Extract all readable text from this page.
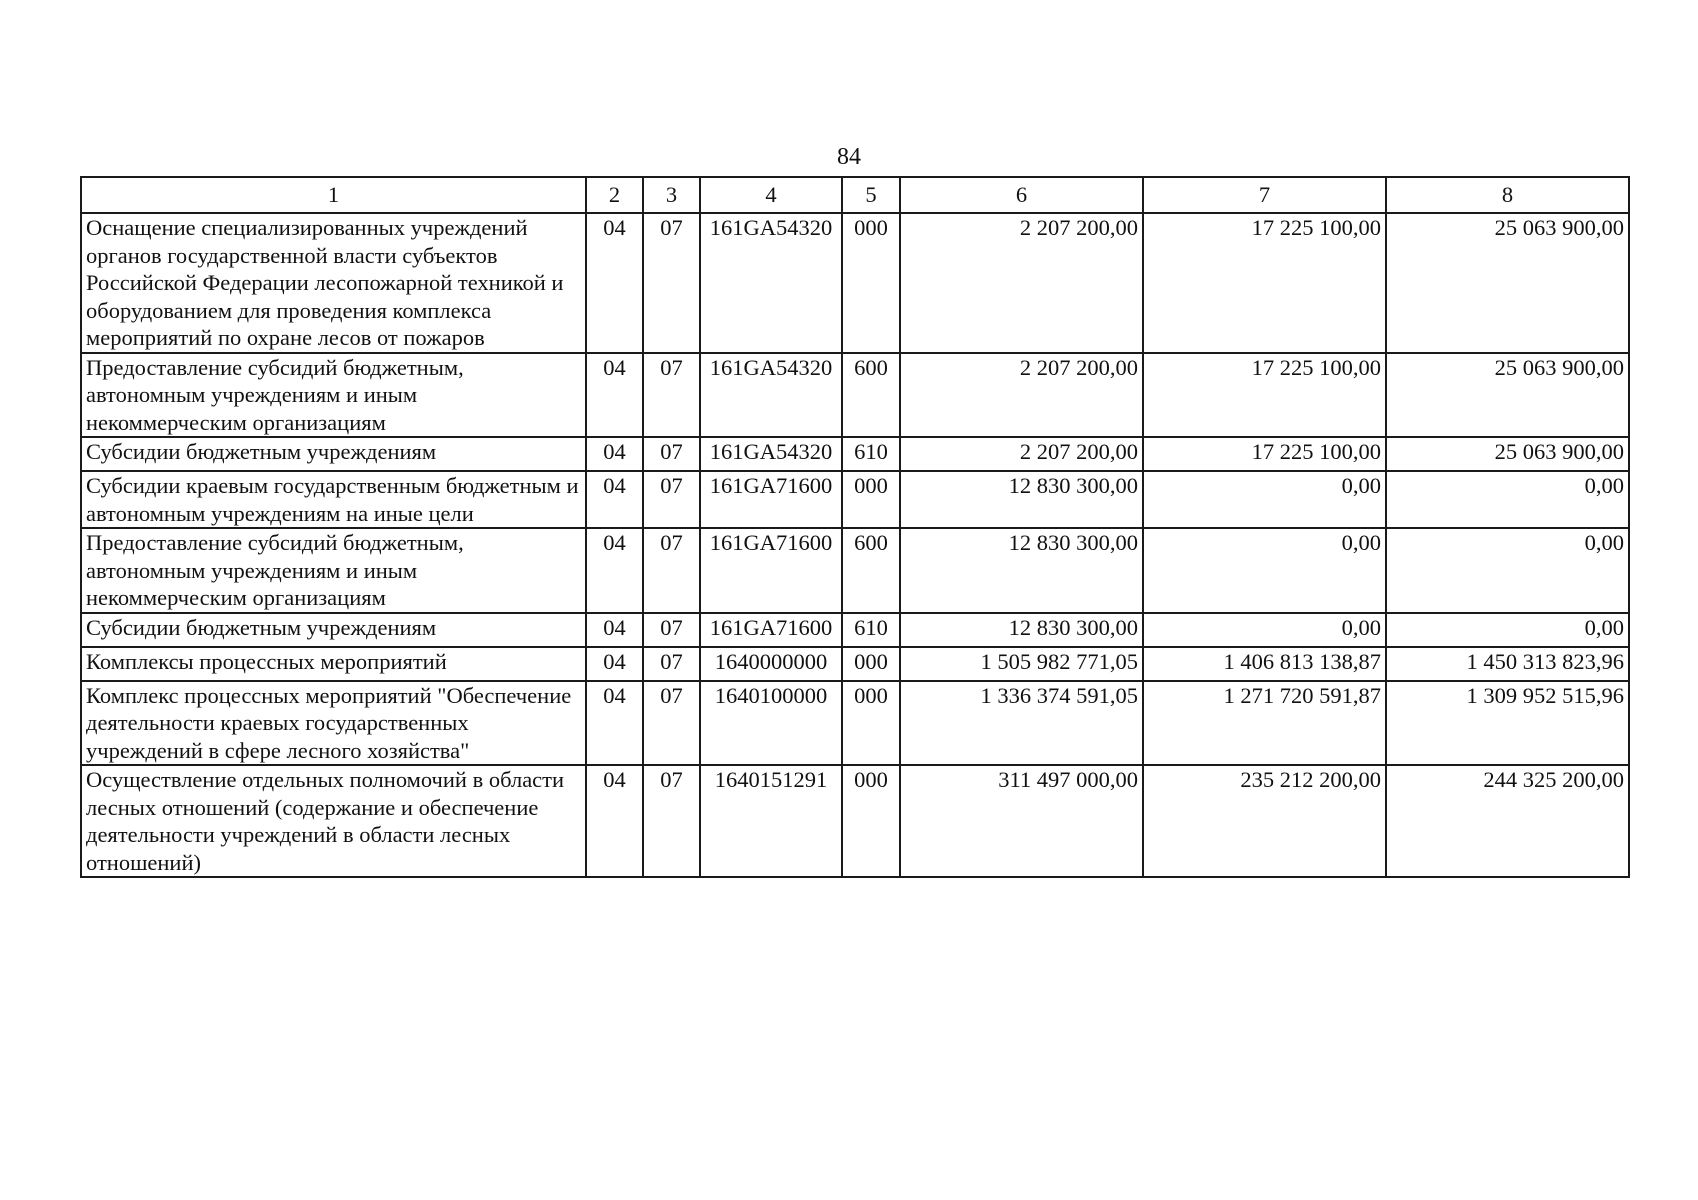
84
1	2	3	4	5	6	7	8
Оснащение специализированных учреждений органов государственной власти субъектов Российской Федерации лесопожарной техникой и оборудованием для проведения комплекса мероприятий по охране лесов от пожаров	04	07	161GA54320	000	2 207 200,00	17 225 100,00	25 063 900,00
Предоставление субсидий бюджетным, автономным учреждениям и иным некоммерческим организациям	04	07	161GA54320	600	2 207 200,00	17 225 100,00	25 063 900,00
Субсидии бюджетным учреждениям	04	07	161GA54320	610	2 207 200,00	17 225 100,00	25 063 900,00
Субсидии краевым государственным бюджетным и автономным учреждениям на иные цели	04	07	161GA71600	000	12 830 300,00	0,00	0,00
Предоставление субсидий бюджетным, автономным учреждениям и иным некоммерческим организациям	04	07	161GA71600	600	12 830 300,00	0,00	0,00
Субсидии бюджетным учреждениям	04	07	161GA71600	610	12 830 300,00	0,00	0,00
Комплексы процессных мероприятий	04	07	1640000000	000	1 505 982 771,05	1 406 813 138,87	1 450 313 823,96
Комплекс процессных мероприятий "Обеспечение деятельности краевых государственных учреждений в сфере лесного хозяйства"	04	07	1640100000	000	1 336 374 591,05	1 271 720 591,87	1 309 952 515,96
Осуществление отдельных полномочий в области лесных отношений (содержание и обеспечение деятельности учреждений в области лесных отношений)	04	07	1640151291	000	311 497 000,00	235 212 200,00	244 325 200,00
